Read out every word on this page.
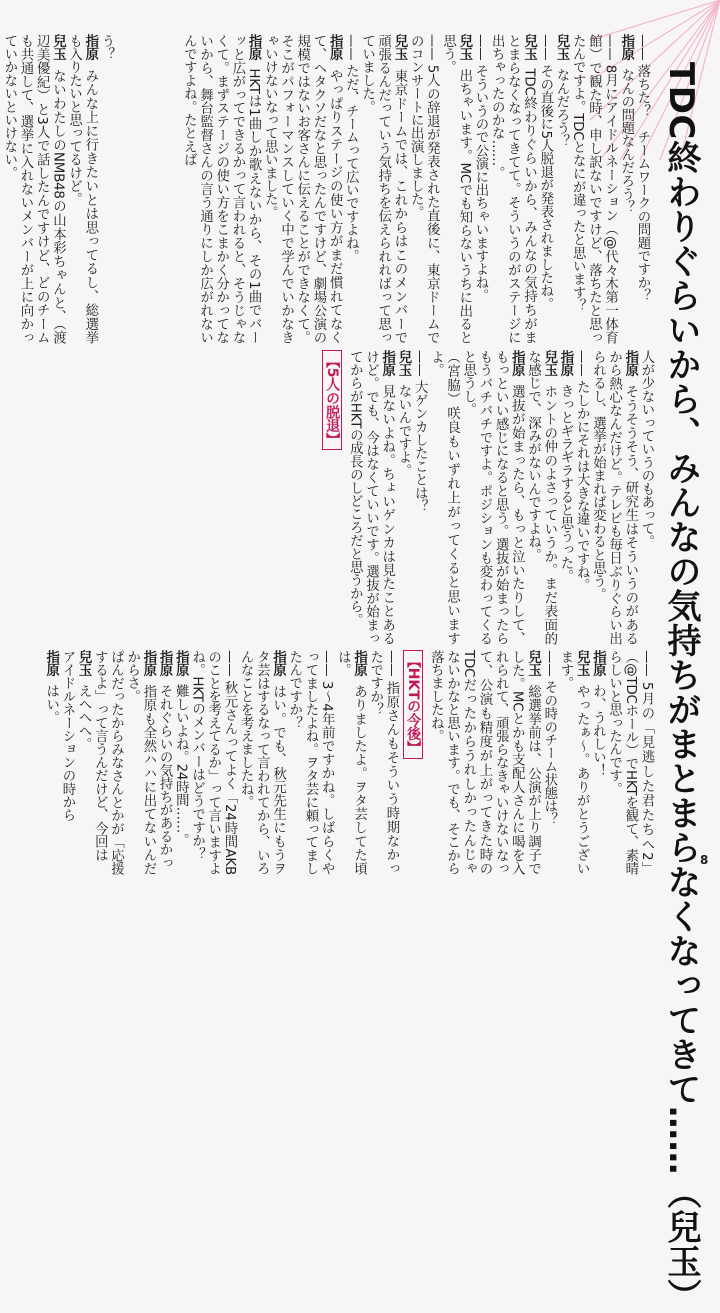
TDC終わりぐらいから、みんなの気持ちがまとまらなくなってきて……（兒玉）

う？

指原みんな上に行きたいとは思ってるし、総選挙も入りたいと思ってるけど。

兒玉ないわたしのNMB48の山本彩ちゃんと、（渡辺美優紀）と3人で話したんですけど、どのチームも共通して、選挙に入れないメンバーが上に向かっていかないといけない。	—— 落ちた？　チームワークの問題ですか？

指原なんの問題なんだろう？

—— 8月にアイドルネーション（@代々木第一体育館）で観た時、申し訳ないですけど、落ちたと思ったんですよ。TDCとなにが違ったと思います？

兒玉なんだろう？

—— その直後に5人脱退が発表されましたね。

兒玉TDC終わりぐらいから、みんなの気持ちがまとまらなくなってきてて。そういうのがステージに出ちゃったのかな……。

—— そういうので公演に出ちゃいますよね。

兒玉出ちゃいます。MCでも知らないうちに出ると思う。

—— 5人の辞退が発表された直後に、東京ドームでのコンサートに出演しました。

兒玉東京ドームでは、これからはこのメンバーで頑張るんだっていう気持ちを伝えられればって思っていました。

—— ただ、チームって広いですよね。

指原やっぱりステージの使い方がまだ慣れてなくて、ヘタクソだなと思ったんですけど、劇場公演の規模ではないお客さんに伝えることができなくて。そこがパフォーマンスしていく中で学んでいかなきゃいけないなって思いました。

指原HKTは1曲しか歌えないから、その1曲でバーッと広がってできるかって言われると、そうじゃなくて。まずステージの使い方をこまかく分かってないから、舞台監督さんの言う通りにしか広がれないんですよね。たとえば

人が少ないっていうのもあって。

指原そうそうそう、研究生はそういうのがあるから熱心なんだけど。テレビも毎日ぶりぐらい出られるし、選挙が始まれば変わると思う。

—— たしかにそれは大きな違いですね。

指原きっとギラギラすると思うった。

兒玉ホントの仲のよさっていうか。まだ表面的な感じで、深みがないんですよね。

指原選抜が始まったら、もっと泣いたりして、もっといい感じになると思う。選抜が始まったらもうバチバチですよ。ポジションも変わってくると思うし。

（宮脇）咲良もいずれ上がってくると思いますよ。

—— 大ゲンカしたことは？

兒玉ないんですよ。

指原見ないよね。ちょいゲンカは見たことあるけど。でも、今はなくていいです。選抜が始まってからがHKTの成長のしどころだと思うから。

【5人の脱退】

—— 5月の「見逃した君たちへ2」（@TDCホール）でHKTを観て、素晴らしいと思ったんです。

指原わ、うれしい！

兒玉やったぁ～。ありがとうございます。

—— その時のチーム状態は？

兒玉総選挙前は、公演が上り調子でした。MCとかも支配人さんに喝を入れられて、頑張らなきゃいけないなって、公演も精度が上がってきた時のTDCだったからうれしかったんじゃないかなと思います。でも、そこから落ちましたね。

【HKTの今後】

—— 指原さんもそういう時期なかったですか？

指原ありましたよ。ヲタ芸してた頃は。

—— 3～4年前ですかね。しばらくやってましたよね。ヲタ芸に頼ってましたんですか？

指原はい。でも、秋元先生にもうヲタ芸はするなって言われてから、いろんなことを考えましたね。

—— 秋元さんってよく「24時間AKBのことを考えてるか」って言いますよね。HKTのメンバーはどうですか？

指原難しいよね。24時間……。

指原それぐらいの気持ちがあるかっ

指原指原も全然ハハに出てないんだからさ。

ぱんだったからみなさんとかが「応援するよ」って言うんだけど、今回は

兒玉えへへへ。

アイドルネーションの時から

指原はい。

8
